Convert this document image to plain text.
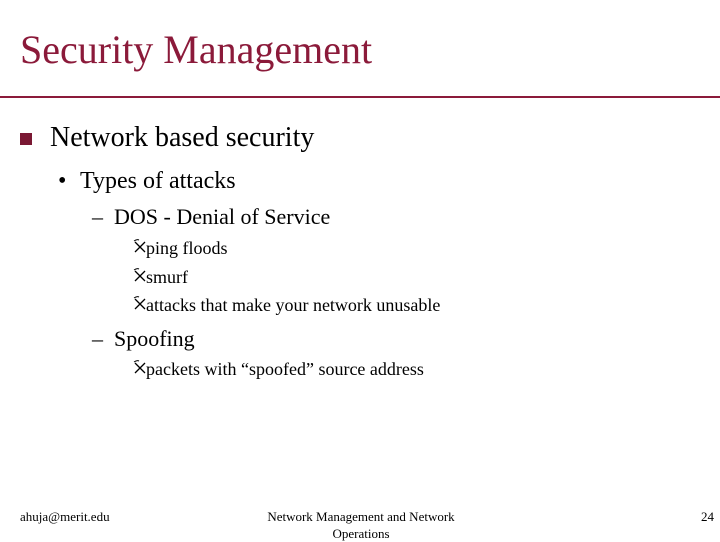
Security Management
Network based security
• Types of attacks
– DOS - Denial of Service
ping floods
smurf
attacks that make your network unusable
– Spoofing
packets with “spoofed” source address
ahuja@merit.edu	Network Management and Network Operations
24
